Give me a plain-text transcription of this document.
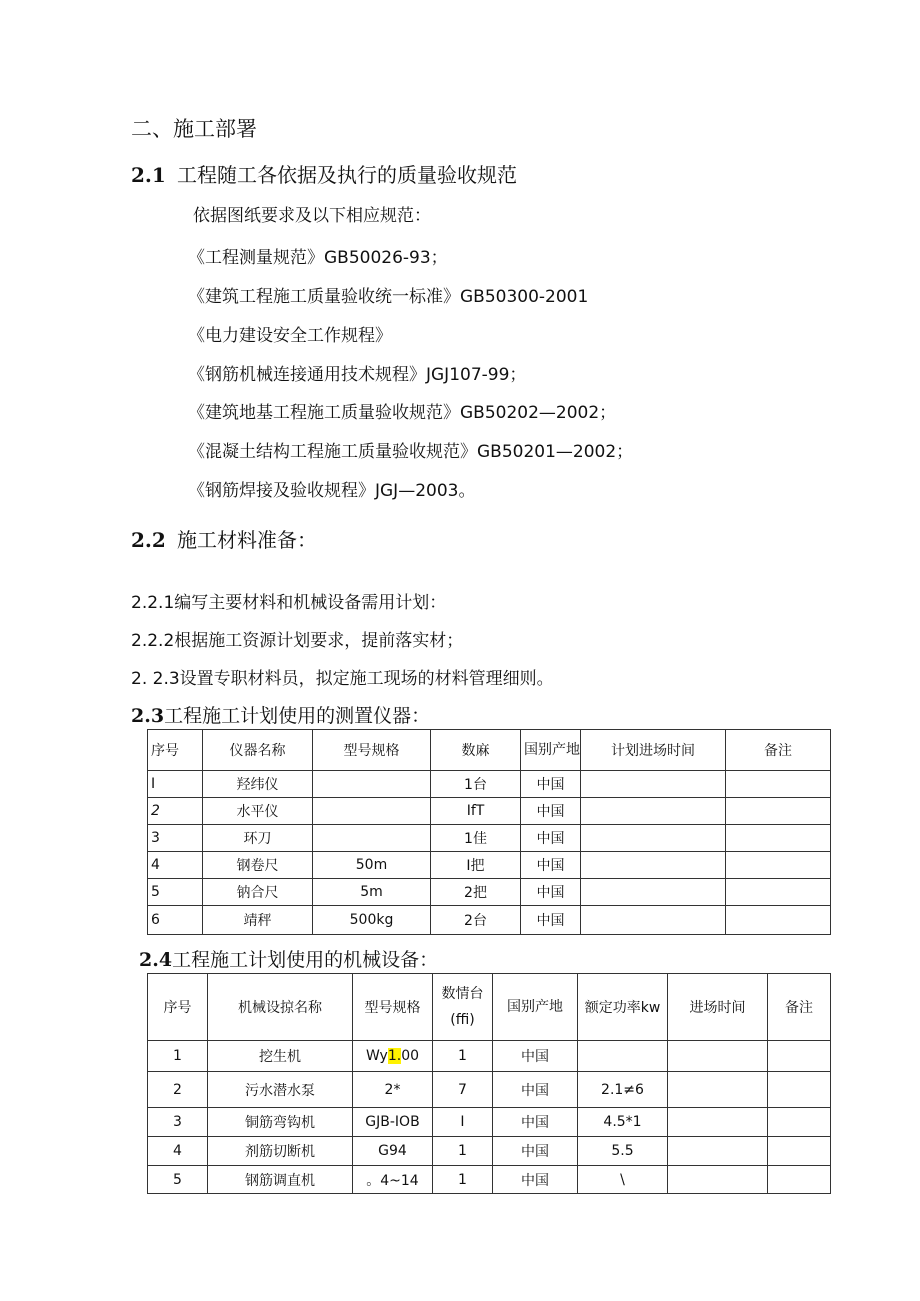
二、施工部署
2.1 工程随工各依据及执行的质量验收规范
依据图纸要求及以下相应规范：
《工程测量规范》GB50026-93；
《建筑工程施工质量验收统一标准》GB50300-2001
《电力建设安全工作规程》
《钢筋机械连接通用技术规程》JGJ107-99；
《建筑地基工程施工质量验收规范》GB50202—2002；
《混凝土结构工程施工质量验收规范》GB50201—2002；
《钢筋焊接及验收规程》JGJ—2003。
2.2 施工材料准备：
2.2.1编写主要材料和机械设备需用计划：
2.2.2根据施工资源计划要求，提前落实材；
2. 2.3设置专职材料员，拟定施工现场的材料管理细则。
2.3工程施工计划使用的测置仪器：
序号	仪器名称	型号规格	数麻	国别产地	计划进场时间	备注
I	羟纬仪		1台	中国		
2	水平仪		IfT	中国		
3	环刀		1佳	中国		
4	钢卷尺	50m	I把	中国		
5	钠合尺	5m	2把	中国		
6	靖秤	500kg	2台	中国		
2.4工程施工计划使用的机械设备：
序号	机械设掠名称	型号规格	数情台(ffi)	国别产地	额定功率kw	进场时间	备注
1	挖生机	Wy1.00	1	中国			
2	污水潜水泵	2*	7	中国	2.1≠6		
3	铜筋弯钩机	GJB-IOB	I	中国	4.5*1		
4	剂筋切断机	G94	1	中国	5.5		
5	钢筋调直机	。4~14	1	中国	\		
